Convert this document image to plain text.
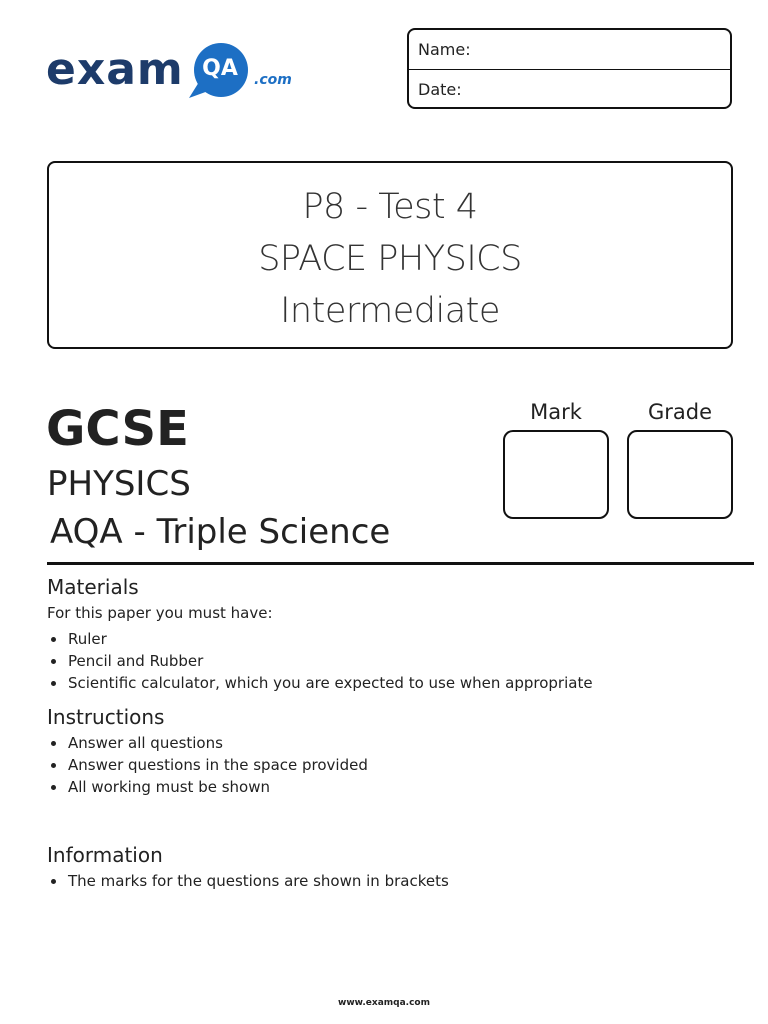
exam QA	.com
Name:
Date:
P8 - Test 4
SPACE PHYSICS
Intermediate
GCSE
PHYSICS
AQA - Triple Science
Mark	Grade
Materials
For this paper you must have:
Ruler
Pencil and Rubber
Scientific calculator, which you are expected to use when appropriate
Instructions
Answer all questions
Answer questions in the space provided
All working must be shown
Information
The marks for the questions are shown in brackets
www.examqa.com
